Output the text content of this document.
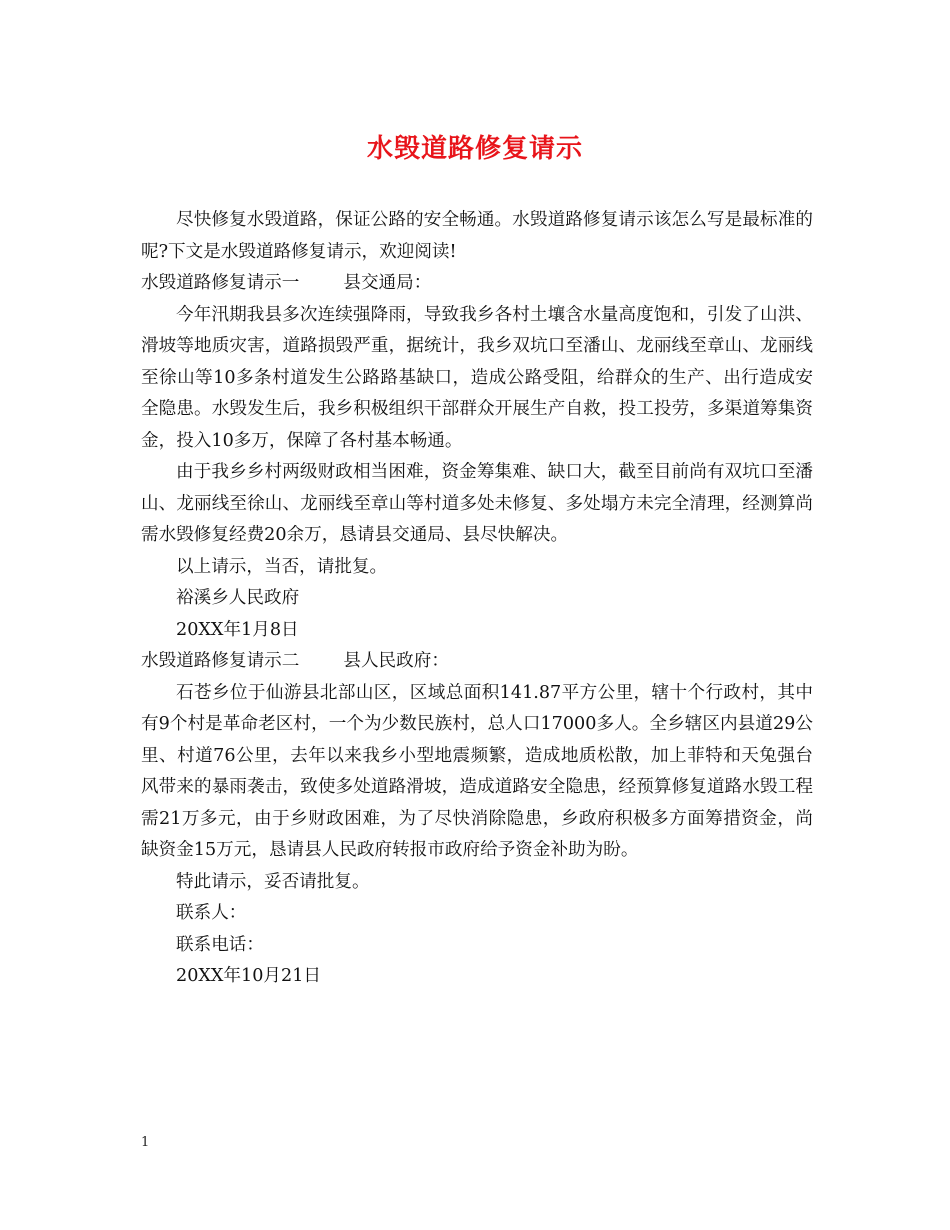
水毁道路修复请示

尽快修复水毁道路，保证公路的安全畅通。水毁道路修复请示该怎么写是最标准的呢?下文是水毁道路修复请示，欢迎阅读!

水毁道路修复请示一	县交通局：

今年汛期我县多次连续强降雨，导致我乡各村土壤含水量高度饱和，引发了山洪、滑坡等地质灾害，道路损毁严重，据统计，我乡双坑口至潘山、龙丽线至章山、龙丽线至徐山等10多条村道发生公路路基缺口，造成公路受阻，给群众的生产、出行造成安全隐患。水毁发生后，我乡积极组织干部群众开展生产自救，投工投劳，多渠道筹集资金，投入10多万，保障了各村基本畅通。

由于我乡乡村两级财政相当困难，资金筹集难、缺口大，截至目前尚有双坑口至潘山、龙丽线至徐山、龙丽线至章山等村道多处未修复、多处塌方未完全清理，经测算尚需水毁修复经费20余万，恳请县交通局、县尽快解决。

以上请示，当否，请批复。

裕溪乡人民政府

20XX年1月8日

水毁道路修复请示二	县人民政府：

石苍乡位于仙游县北部山区，区域总面积141.87平方公里，辖十个行政村，其中有9个村是革命老区村，一个为少数民族村，总人口17000多人。全乡辖区内县道29公里、村道76公里，去年以来我乡小型地震频繁，造成地质松散，加上菲特和天兔强台风带来的暴雨袭击，致使多处道路滑坡，造成道路安全隐患，经预算修复道路水毁工程需21万多元，由于乡财政困难，为了尽快消除隐患，乡政府积极多方面筹措资金，尚缺资金15万元，恳请县人民政府转报市政府给予资金补助为盼。

特此请示，妥否请批复。

联系人：

联系电话：

20XX年10月21日

1
